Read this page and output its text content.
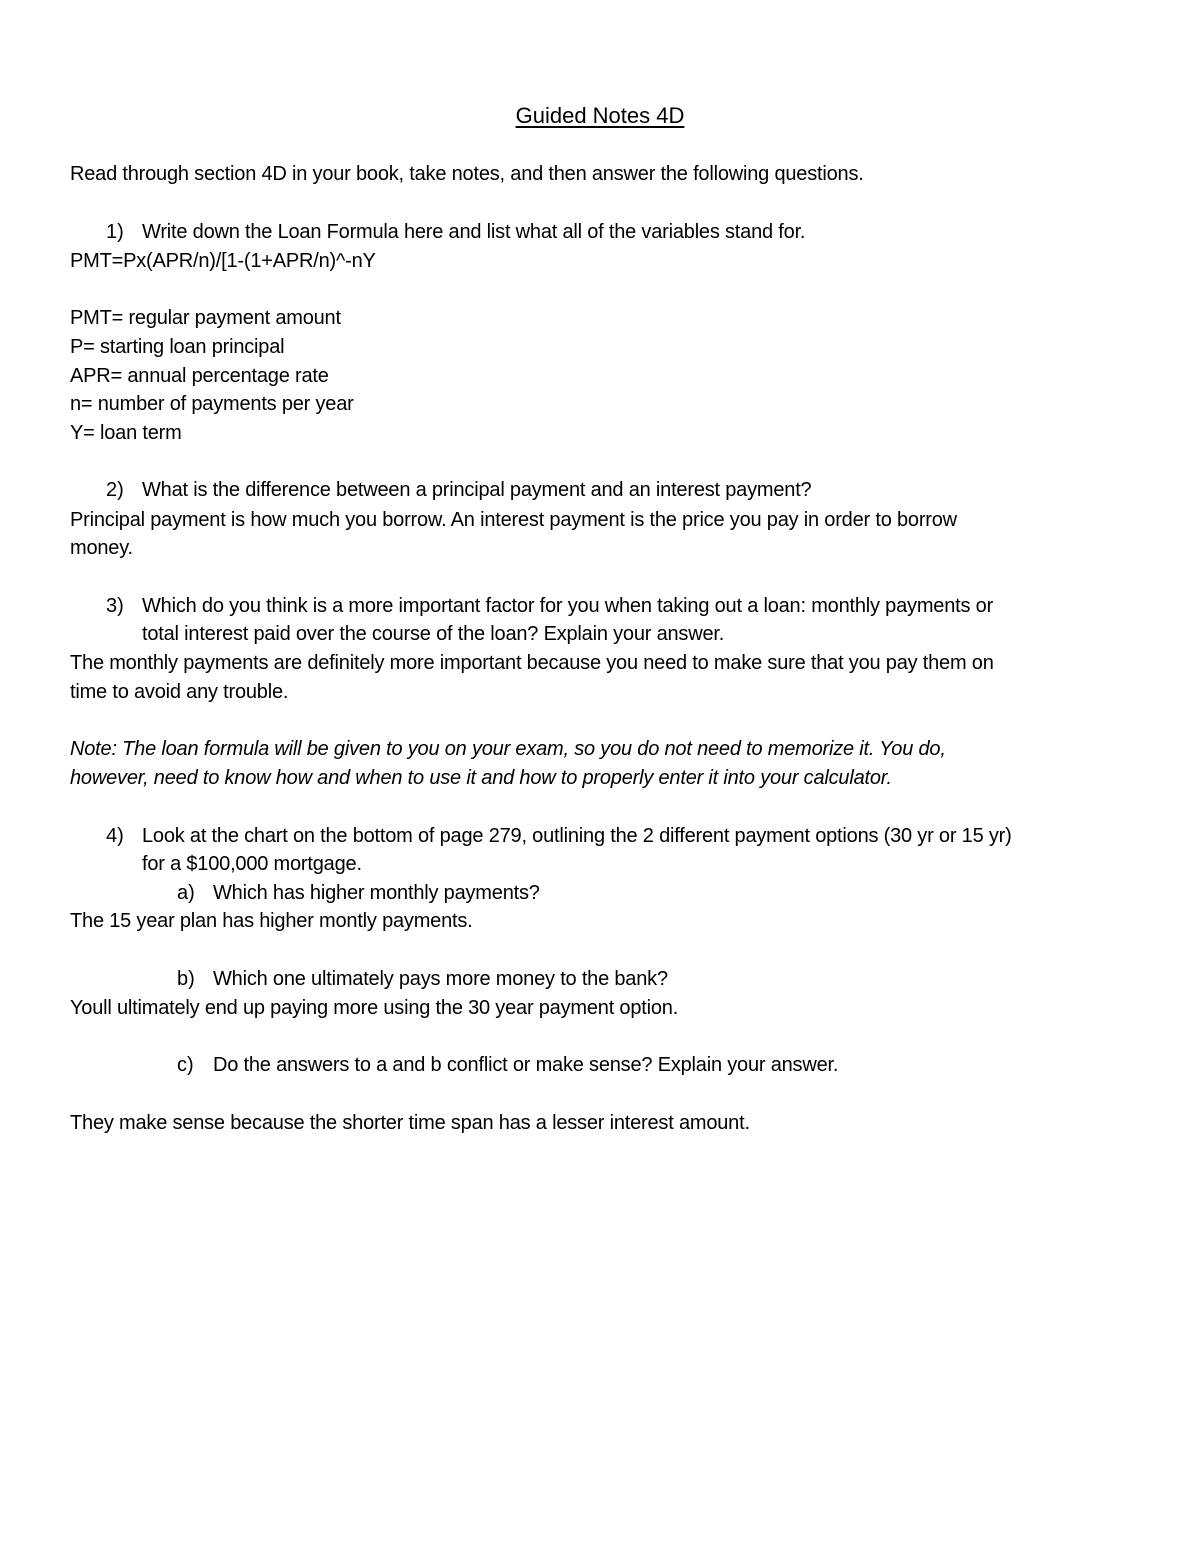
Guided Notes 4D
Read through section 4D in your book, take notes, and then answer the following questions.
1) Write down the Loan Formula here and list what all of the variables stand for.
PMT=Px(APR/n)/[1-(1+APR/n)^-nY
PMT= regular payment amount
P= starting loan principal
APR= annual percentage rate
n= number of payments per year
Y= loan term
2) What is the difference between a principal payment and an interest payment?
Principal payment is how much you borrow. An interest payment is the price you pay in order to borrow
money.
3) Which do you think is a more important factor for you when taking out a loan: monthly payments or
total interest paid over the course of the loan? Explain your answer.
The monthly payments are definitely more important because you need to make sure that you pay them on
time to avoid any trouble.
Note: The loan formula will be given to you on your exam, so you do not need to memorize it. You do,
however, need to know how and when to use it and how to properly enter it into your calculator.
4) Look at the chart on the bottom of page 279, outlining the 2 different payment options (30 yr or 15 yr)
for a $100,000 mortgage.
a) Which has higher monthly payments?
The 15 year plan has higher montly payments.
b) Which one ultimately pays more money to the bank?
Youll ultimately end up paying more using the 30 year payment option.
c) Do the answers to a and b conflict or make sense? Explain your answer.
They make sense because the shorter time span has a lesser interest amount.
